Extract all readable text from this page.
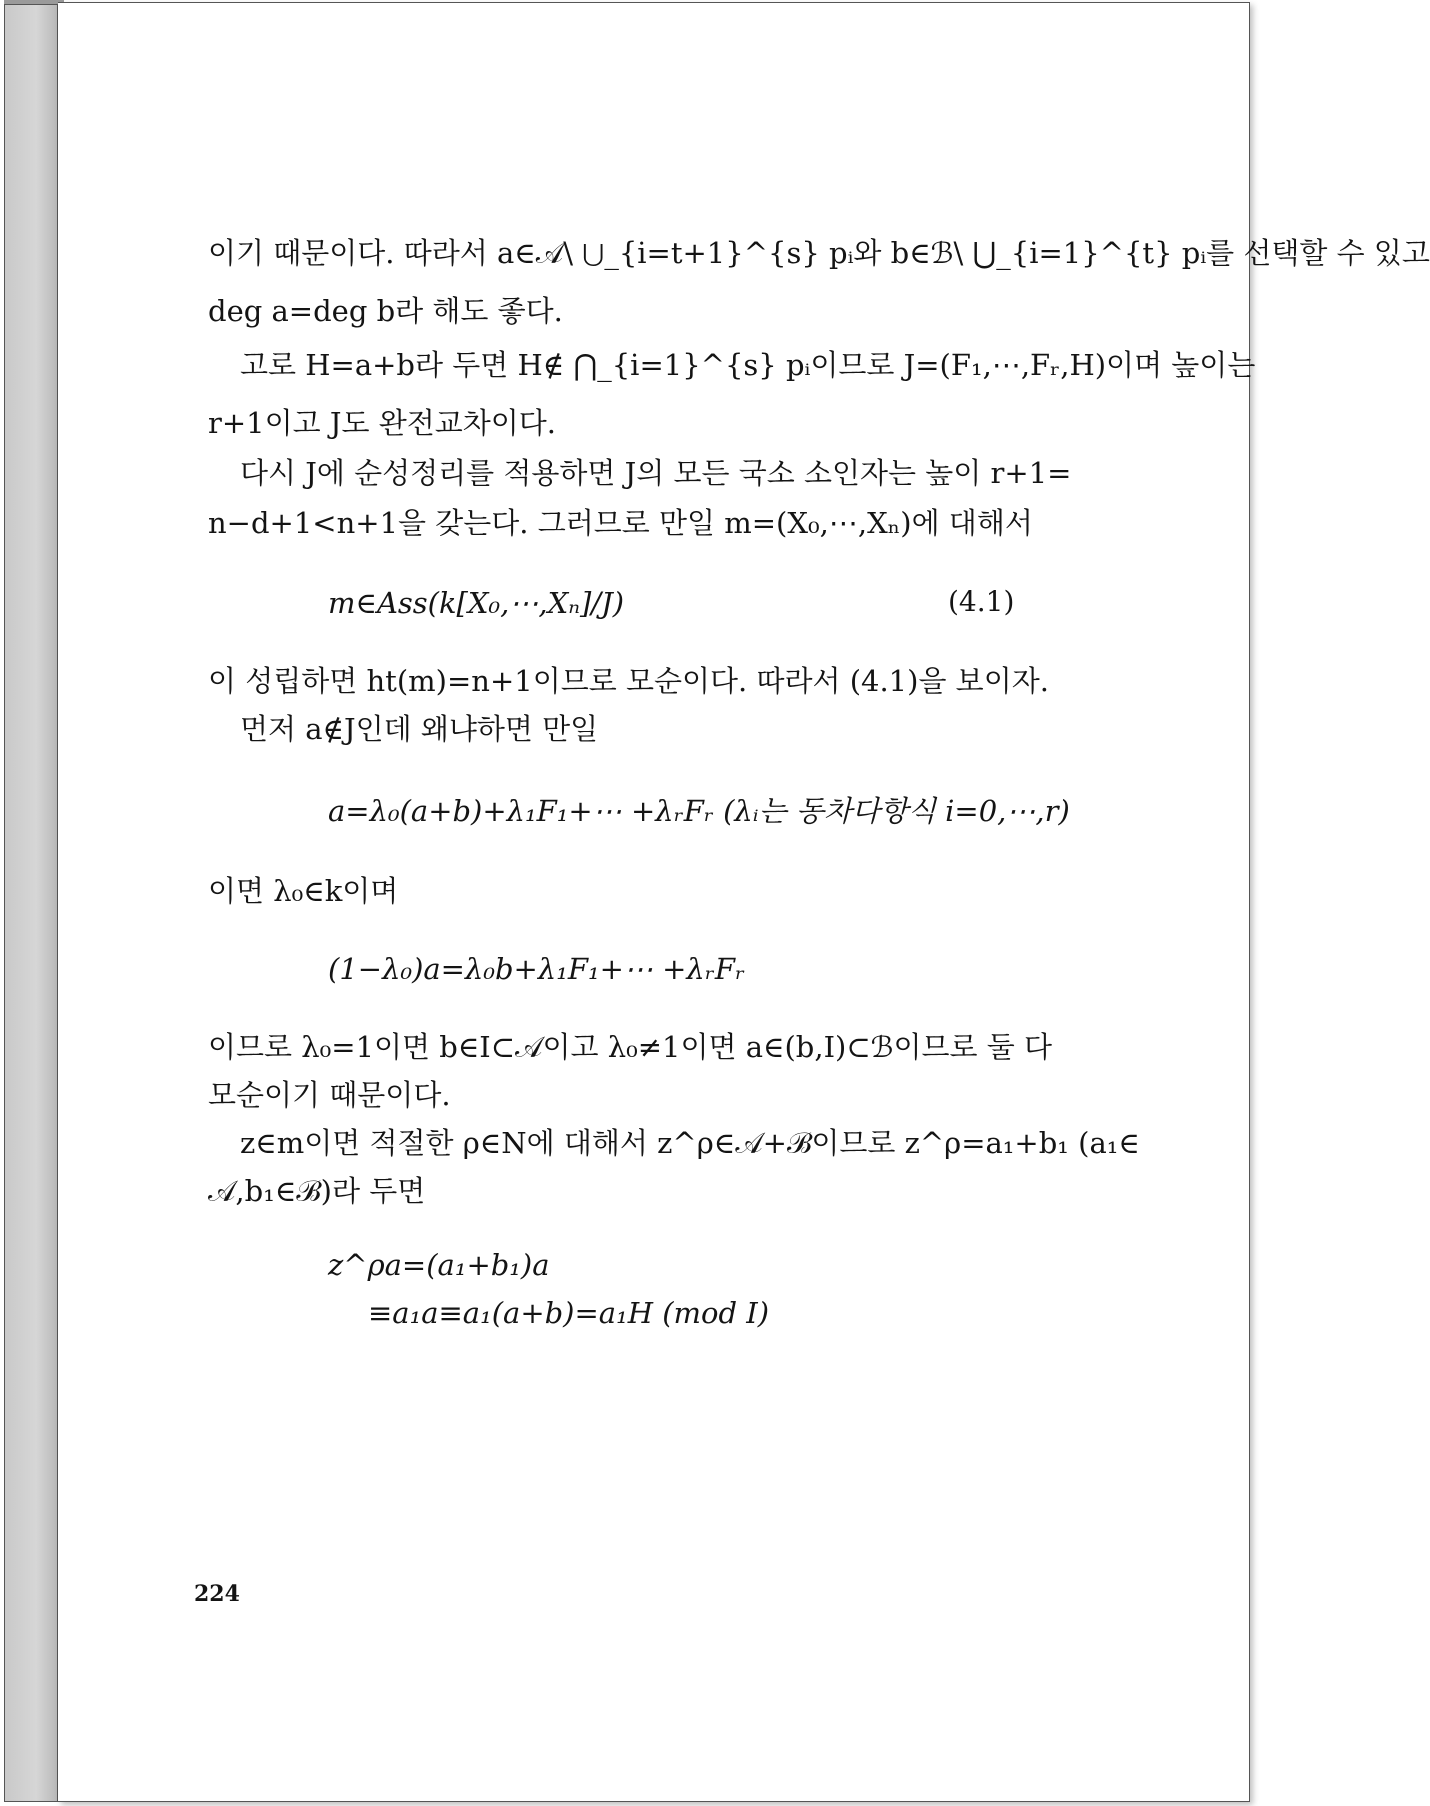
이기 때문이다. 따라서 a∈𝒜\ ⋃_{i=t+1}^{s} pᵢ와 b∈ℬ\ ⋃_{i=1}^{t} pᵢ를 선택할 수 있고
deg a=deg b라 해도 좋다.
고로 H=a+b라 두면 H∉ ⋂_{i=1}^{s} pᵢ이므로 J=(F₁,⋯,Fᵣ,H)이며 높이는
r+1이고 J도 완전교차이다.
다시 J에 순성정리를 적용하면 J의 모든 국소 소인자는 높이 r+1=
n−d+1<n+1을 갖는다. 그러므로 만일 m=(X₀,⋯,Xₙ)에 대해서
m∈Ass(k[X₀,⋯,Xₙ]/J)	(4.1)
이 성립하면 ht(m)=n+1이므로 모순이다. 따라서 (4.1)을 보이자.
먼저 a∉J인데 왜냐하면 만일
a=λ₀(a+b)+λ₁F₁+⋯ +λᵣFᵣ (λᵢ는 동차다항식 i=0,⋯,r)
이면 λ₀∈k이며
(1−λ₀)a=λ₀b+λ₁F₁+⋯ +λᵣFᵣ
이므로 λ₀=1이면 b∈I⊂𝒜이고 λ₀≠1이면 a∈(b,I)⊂ℬ이므로 둘 다
모순이기 때문이다.
z∈m이면 적절한 ρ∈N에 대해서 z^ρ∈𝒜+ℬ이므로 z^ρ=a₁+b₁ (a₁∈
𝒜,b₁∈ℬ)라 두면
z^ρa=(a₁+b₁)a
≡a₁a≡a₁(a+b)=a₁H (mod I)
224
